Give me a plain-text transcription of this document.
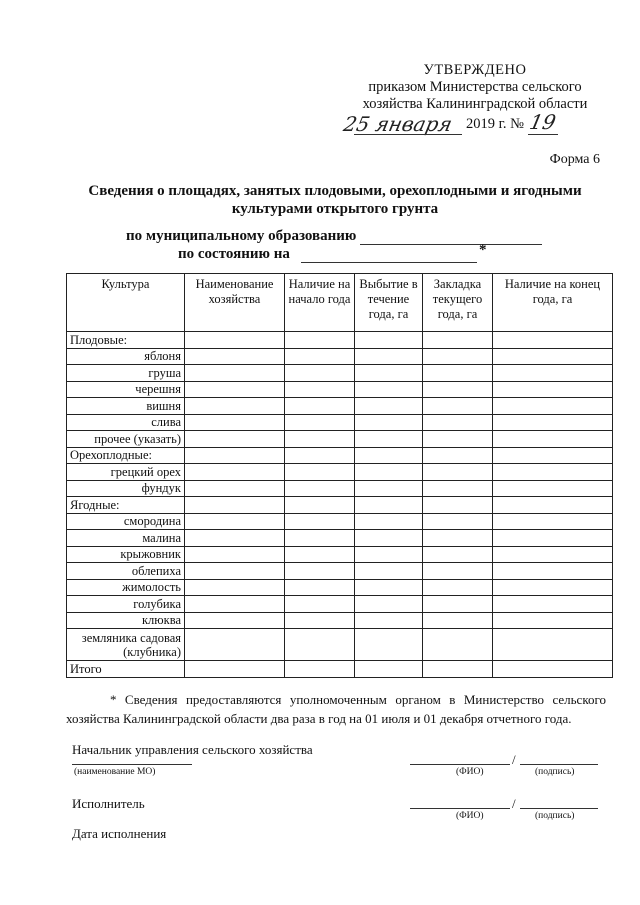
УТВЕРЖДЕНО
приказом Министерства сельского
хозяйства Калининградской области
25 января 2019 г. № 19
Форма 6
Сведения о площадях, занятых плодовыми, орехоплодными и ягодными культурами открытого грунта
по муниципальному образованию
по состоянию на	*
Культура	Наименование хозяйства	Наличие на начало года	Выбытие в течение года, га	Закладка текущего года, га	Наличие на конец года, га
Плодовые:					
яблоня					
груша					
черешня					
вишня					
слива					
прочее (указать)					
Орехоплодные:					
грецкий орех					
фундук					
Ягодные:					
смородина					
малина					
крыжовник					
облепиха					
жимолость					
голубика					
клюква					
земляника садовая (клубника)					
Итого					
* Сведения предоставляются уполномоченным органом в Министерство сельского хозяйства Калининградской области два раза в год на 01 июля и 01 декабря отчетного года.
Начальник управления сельского хозяйства
(наименование МО)
/
(ФИО)	(подпись)
Исполнитель	/
(ФИО)	(подпись)
Дата исполнения
